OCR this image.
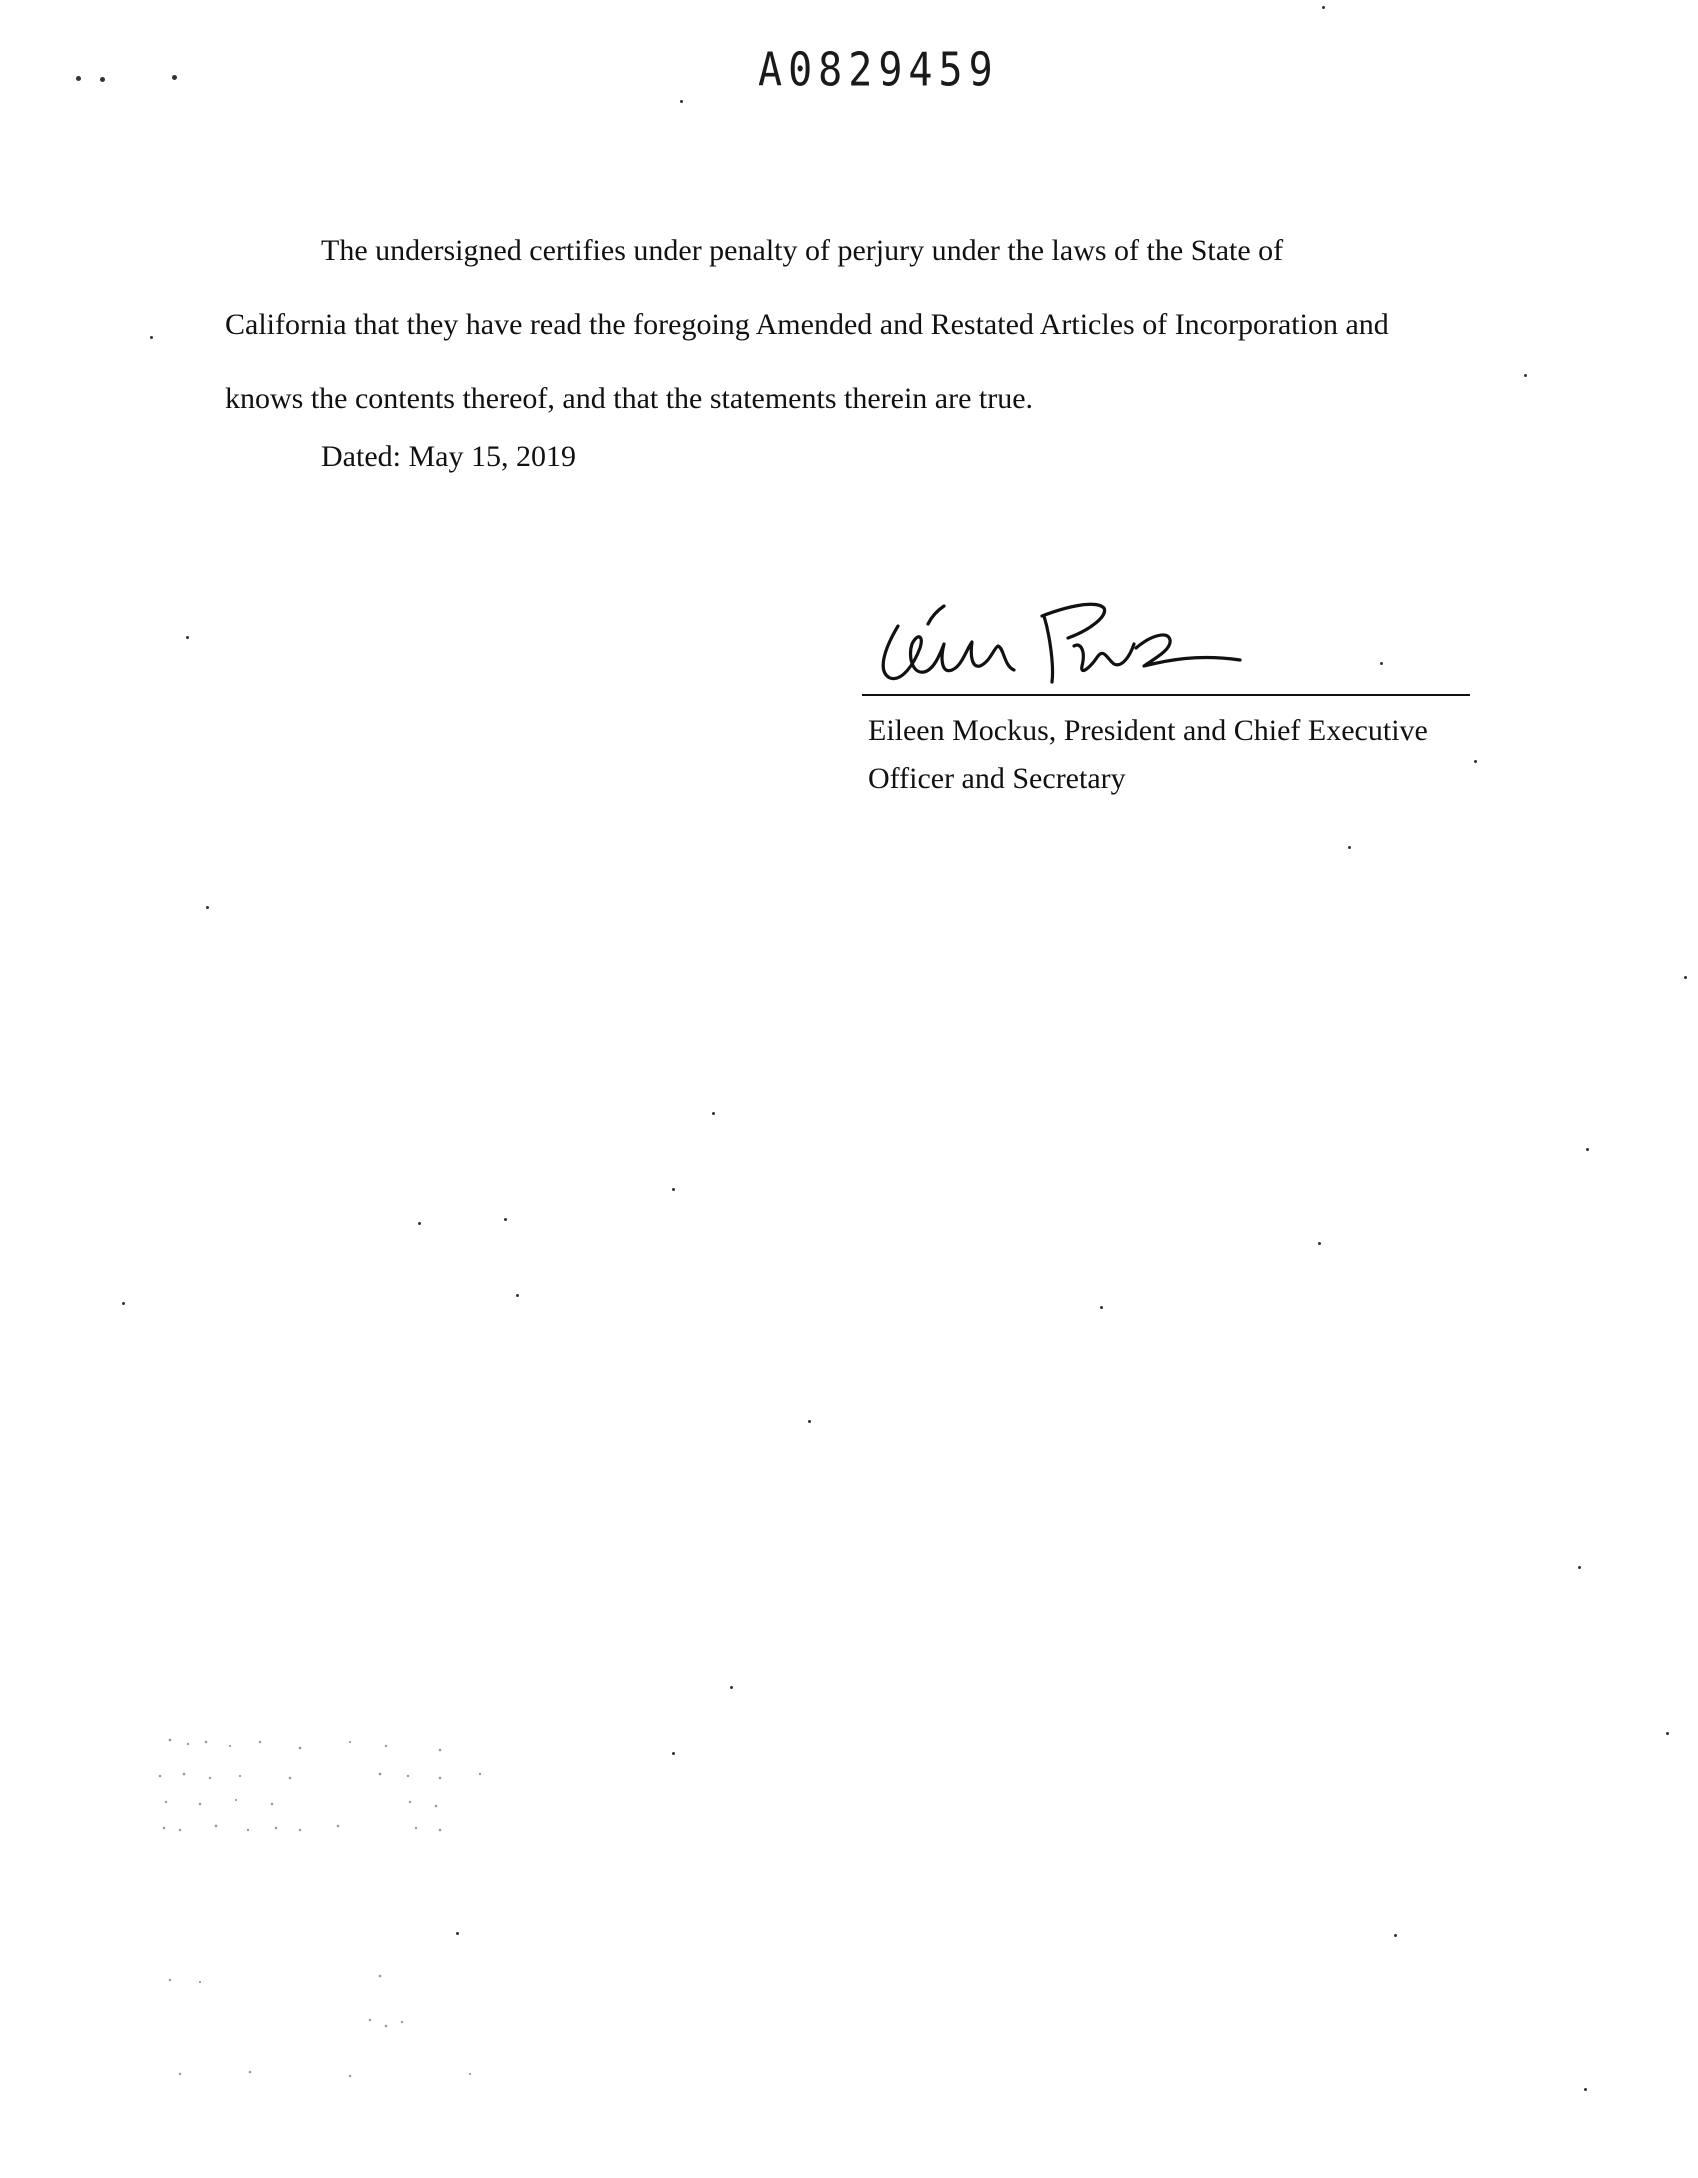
A0829459

The undersigned certifies under penalty of perjury under the laws of the State of

California that they have read the foregoing Amended and Restated Articles of Incorporation and

knows the contents thereof, and that the statements therein are true.

Dated: May 15, 2019
Eileen Mockus, President and Chief Executive
Officer and Secretary
